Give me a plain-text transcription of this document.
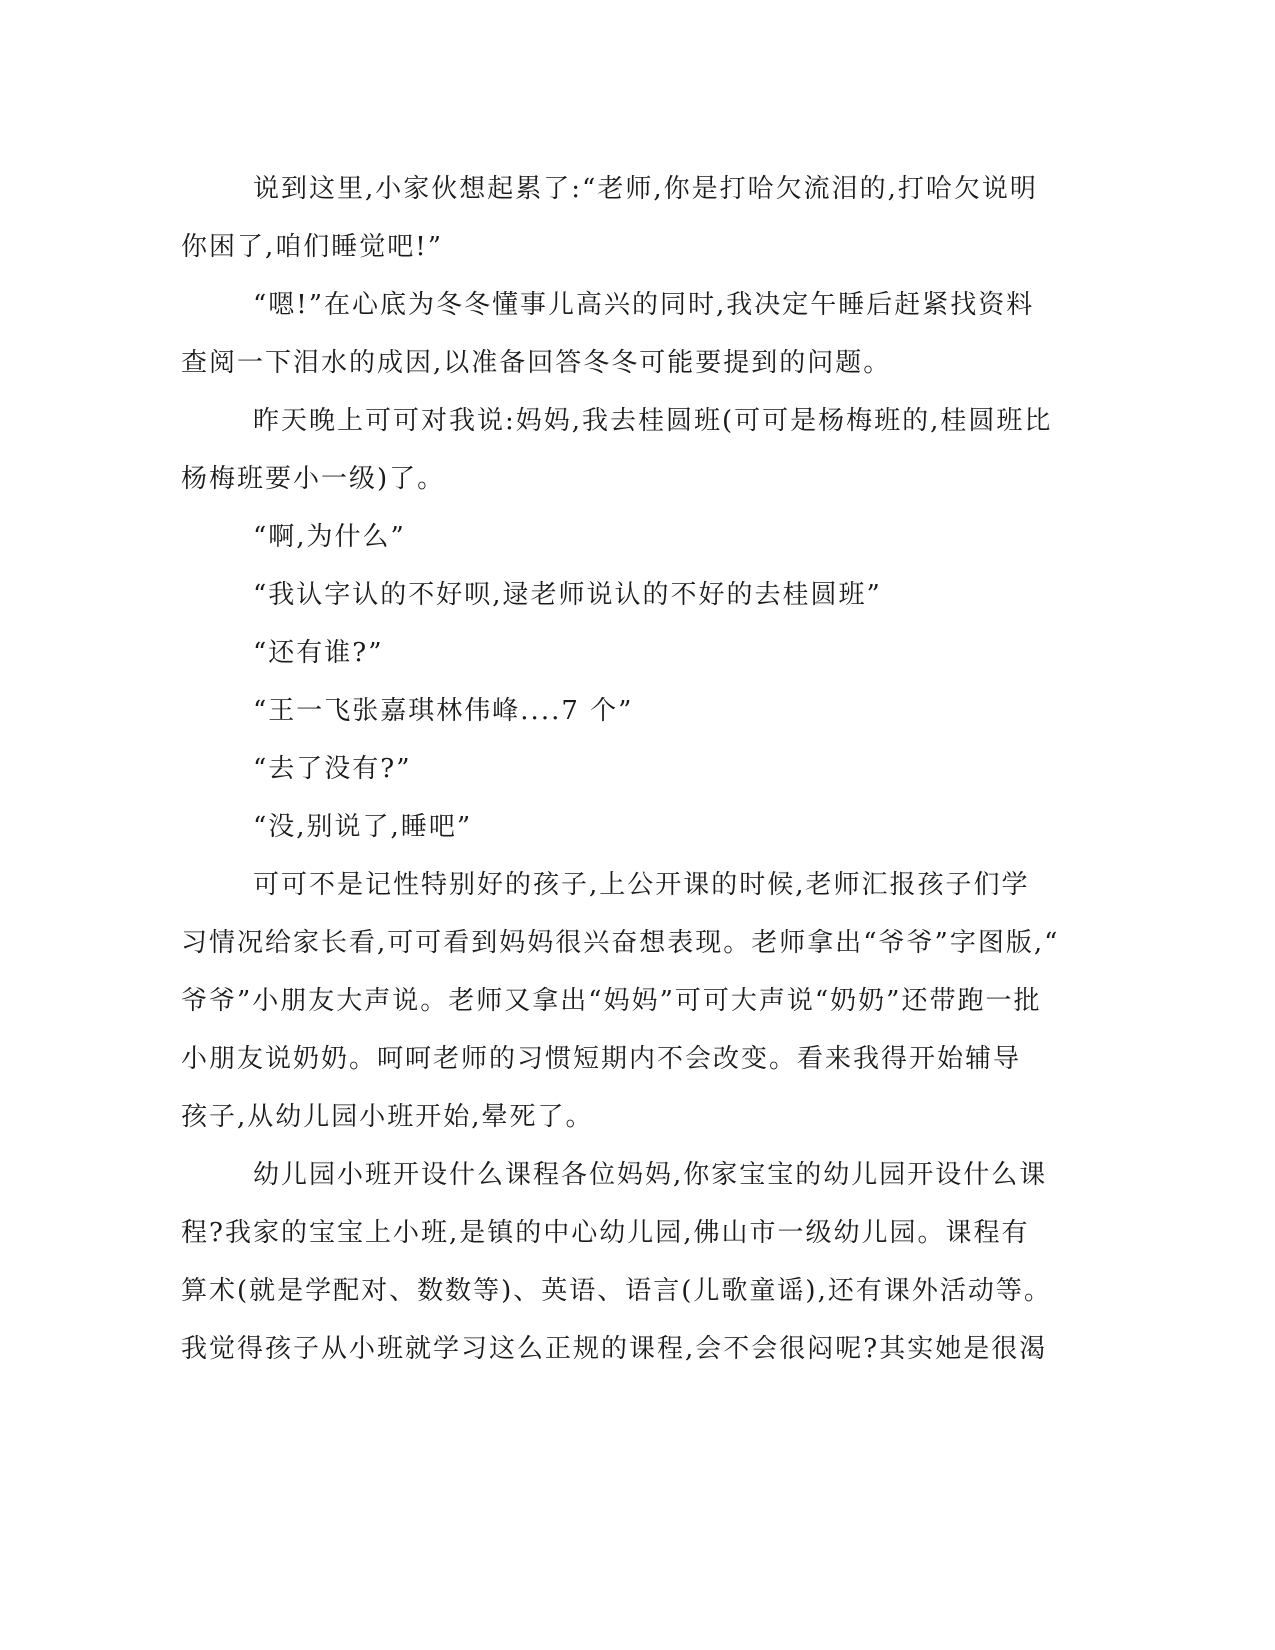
说到这里,小家伙想起累了:“老师,你是打哈欠流泪的,打哈欠说明
你困了,咱们睡觉吧!”
“嗯!”在心底为冬冬懂事儿高兴的同时,我决定午睡后赶紧找资料
查阅一下泪水的成因,以准备回答冬冬可能要提到的问题。
昨天晚上可可对我说:妈妈,我去桂圆班(可可是杨梅班的,桂圆班比
杨梅班要小一级)了。
“啊,为什么”
“我认字认的不好呗,逯老师说认的不好的去桂圆班”
“还有谁?”
“王一飞张嘉琪林伟峰....7 个”
“去了没有?”
“没,别说了,睡吧”
可可不是记性特别好的孩子,上公开课的时候,老师汇报孩子们学
习情况给家长看,可可看到妈妈很兴奋想表现。老师拿出“爷爷”字图版,“
爷爷”小朋友大声说。老师又拿出“妈妈”可可大声说“奶奶”还带跑一批
小朋友说奶奶。呵呵老师的习惯短期内不会改变。看来我得开始辅导
孩子,从幼儿园小班开始,晕死了。
幼儿园小班开设什么课程各位妈妈,你家宝宝的幼儿园开设什么课
程?我家的宝宝上小班,是镇的中心幼儿园,佛山市一级幼儿园。课程有
算术(就是学配对、数数等)、英语、语言(儿歌童谣),还有课外活动等。
我觉得孩子从小班就学习这么正规的课程,会不会很闷呢?其实她是很渴
